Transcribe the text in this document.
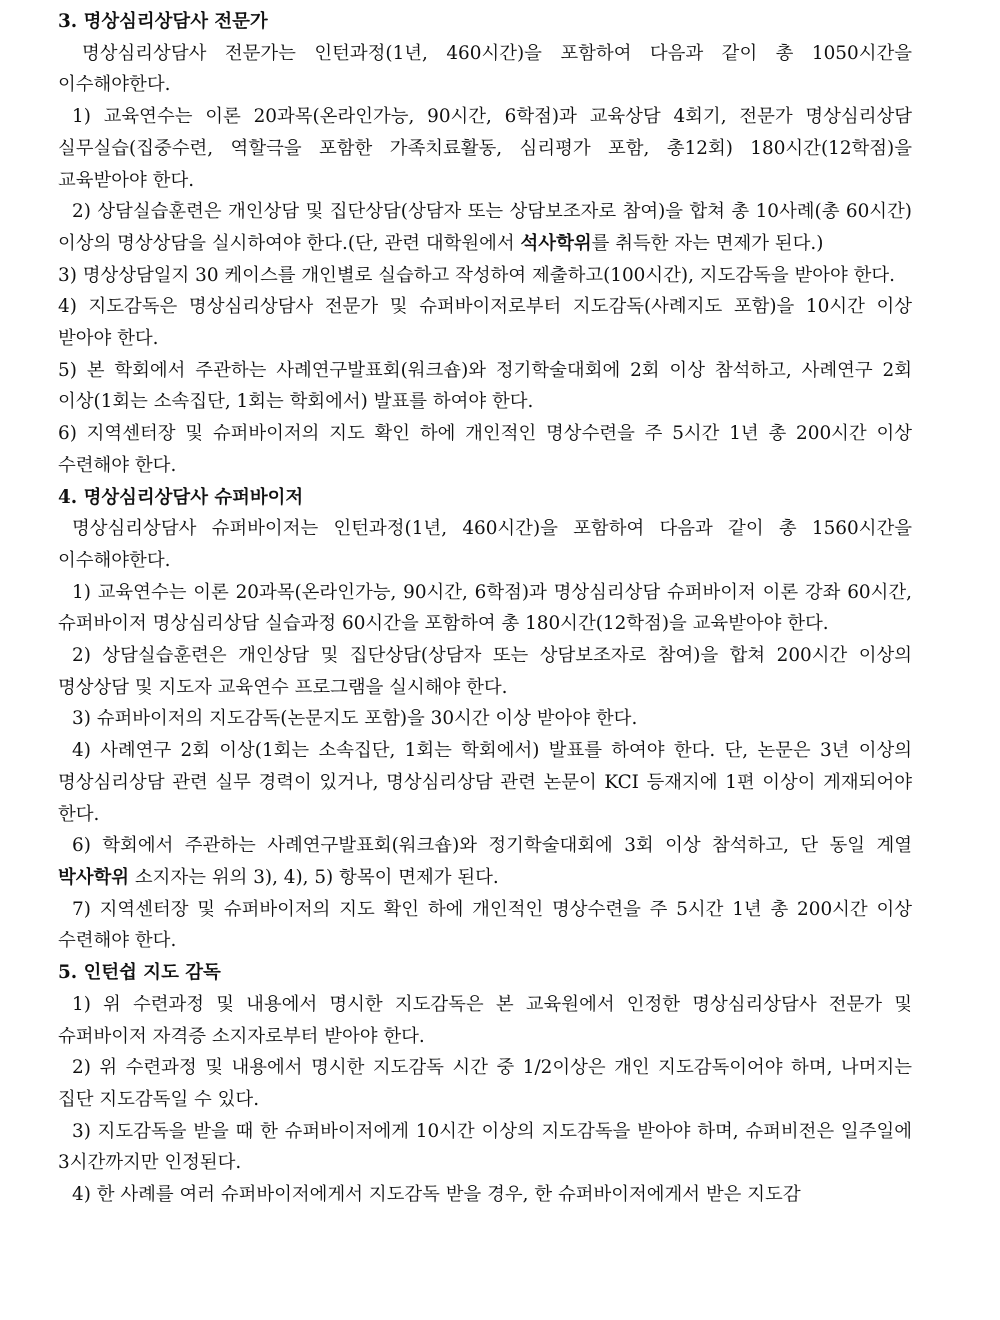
3. 명상심리상담사 전문가

명상심리상담사 전문가는 인턴과정(1년, 460시간)을 포함하여 다음과 같이 총 1050시간을 이수해야한다.

1) 교육연수는 이론 20과목(온라인가능, 90시간, 6학점)과 교육상담 4회기, 전문가 명상심리상담 실무실습(집중수련, 역할극을 포함한 가족치료활동, 심리평가 포함, 총12회) 180시간(12학점)을 교육받아야 한다.

2) 상담실습훈련은 개인상담 및 집단상담(상담자 또는 상담보조자로 참여)을 합쳐 총 10사례(총 60시간) 이상의 명상상담을 실시하여야 한다.(단, 관련 대학원에서 석사학위를 취득한 자는 면제가 된다.)

3) 명상상담일지 30 케이스를 개인별로 실습하고 작성하여 제출하고(100시간), 지도감독을 받아야 한다.

4) 지도감독은 명상심리상담사 전문가 및 슈퍼바이저로부터 지도감독(사례지도 포함)을 10시간 이상 받아야 한다.

5) 본 학회에서 주관하는 사례연구발표회(워크숍)와 정기학술대회에 2회 이상 참석하고, 사례연구 2회 이상(1회는 소속집단, 1회는 학회에서) 발표를 하여야 한다.

6) 지역센터장 및 슈퍼바이저의 지도 확인 하에 개인적인 명상수련을 주 5시간 1년 총 200시간 이상 수련해야 한다.

4. 명상심리상담사 슈퍼바이저

명상심리상담사 슈퍼바이저는 인턴과정(1년, 460시간)을 포함하여 다음과 같이 총 1560시간을 이수해야한다.

1) 교육연수는 이론 20과목(온라인가능, 90시간, 6학점)과 명상심리상담 슈퍼바이저 이론 강좌 60시간, 슈퍼바이저 명상심리상담 실습과정 60시간을 포함하여 총 180시간(12학점)을 교육받아야 한다.

2) 상담실습훈련은 개인상담 및 집단상담(상담자 또는 상담보조자로 참여)을 합쳐 200시간 이상의 명상상담 및 지도자 교육연수 프로그램을 실시해야 한다.

3) 슈퍼바이저의 지도감독(논문지도 포함)을 30시간 이상 받아야 한다.

4) 사례연구 2회 이상(1회는 소속집단, 1회는 학회에서) 발표를 하여야 한다. 단, 논문은 3년 이상의 명상심리상담 관련 실무 경력이 있거나, 명상심리상담 관련 논문이 KCI 등재지에 1편 이상이 게재되어야 한다.

6) 학회에서 주관하는 사례연구발표회(워크숍)와 정기학술대회에 3회 이상 참석하고, 단 동일 계열 박사학위 소지자는 위의 3), 4), 5) 항목이 면제가 된다.

7) 지역센터장 및 슈퍼바이저의 지도 확인 하에 개인적인 명상수련을 주 5시간 1년 총 200시간 이상 수련해야 한다.

5. 인턴쉽 지도 감독

1) 위 수련과정 및 내용에서 명시한 지도감독은 본 교육원에서 인정한 명상심리상담사 전문가 및 슈퍼바이저 자격증 소지자로부터 받아야 한다.

2) 위 수련과정 및 내용에서 명시한 지도감독 시간 중 1/2이상은 개인 지도감독이어야 하며, 나머지는 집단 지도감독일 수 있다.

3) 지도감독을 받을 때 한 슈퍼바이저에게 10시간 이상의 지도감독을 받아야 하며, 슈퍼비전은 일주일에 3시간까지만 인정된다.

4) 한 사례를 여러 슈퍼바이저에게서 지도감독 받을 경우, 한 슈퍼바이저에게서 받은 지도감
